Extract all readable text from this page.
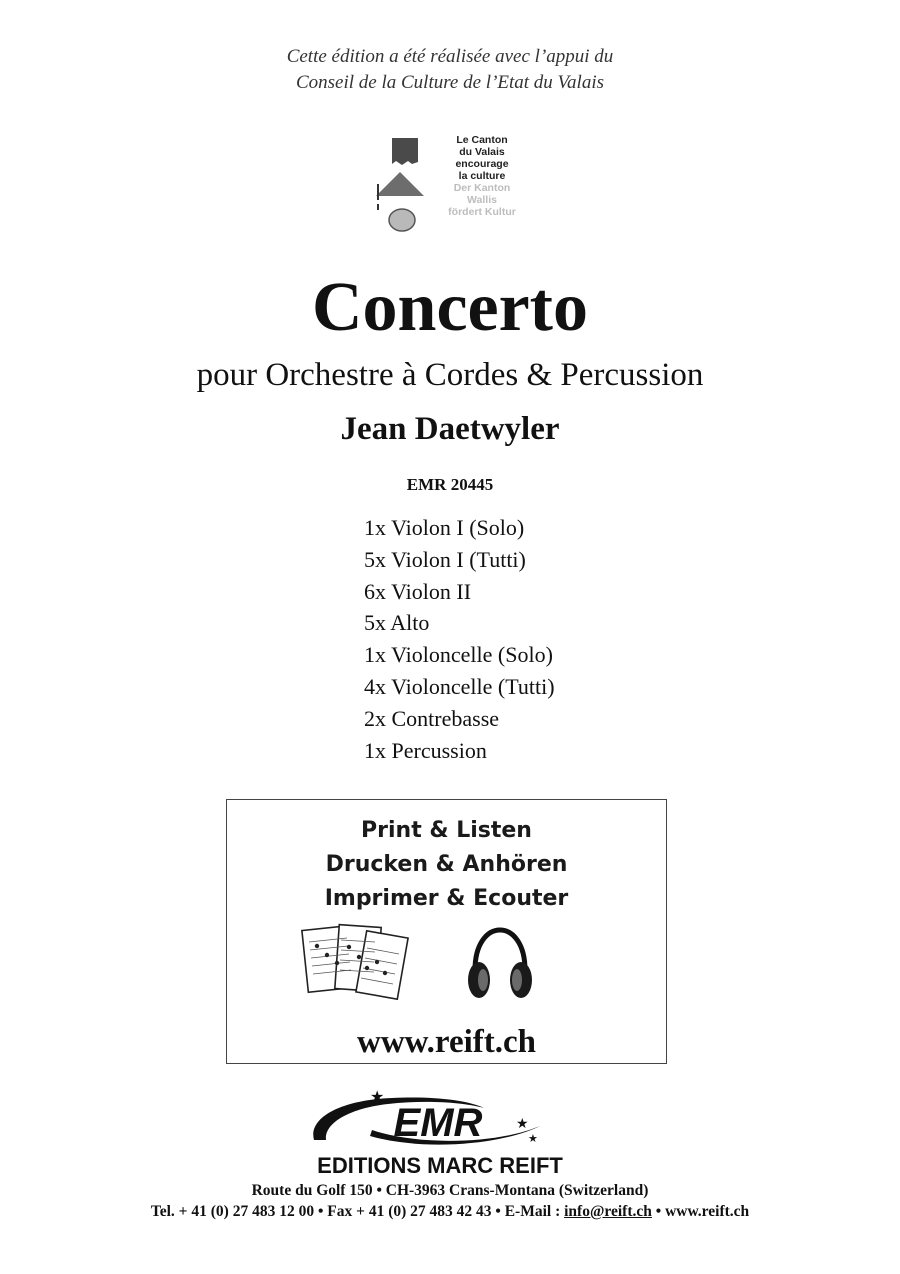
Cette édition a été réalisée avec l’appui du
Conseil de la Culture de l’Etat du Valais
Le Canton
du Valais
encourage
la culture
Der Kanton
Wallis
fördert Kultur
Concerto
pour Orchestre à Cordes & Percussion
Jean Daetwyler
EMR 20445
1x Violon I (Solo)
5x Violon I (Tutti)
6x Violon II
5x Alto
1x Violoncelle (Solo)
4x Violoncelle (Tutti)
2x Contrebasse
1x Percussion
Print & Listen
Drucken & Anhören
Imprimer & Ecouter
www.reift.ch
EMR
★
★
★
EDITIONS MARC REIFT
Route du Golf 150 • CH-3963 Crans-Montana (Switzerland)
Tel. + 41 (0) 27 483 12 00 • Fax + 41 (0) 27 483 42 43 • E-Mail : info@reift.ch • www.reift.ch
